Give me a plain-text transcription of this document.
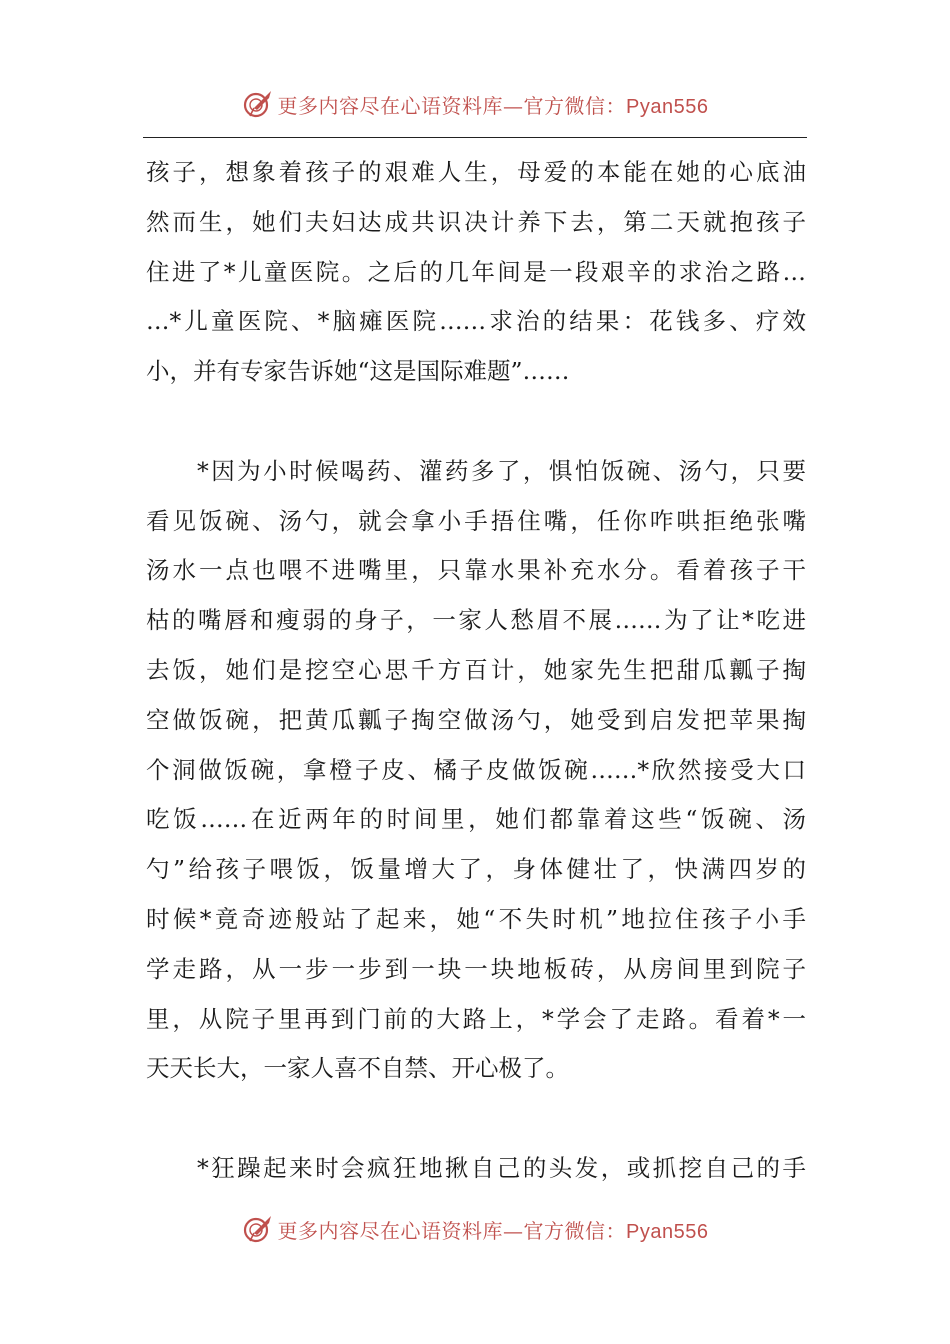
更多内容尽在心语资料库—官方微信：Pyan556
孩子，想象着孩子的艰难人生，母爱的本能在她的心底油
然而生，她们夫妇达成共识决计养下去，第二天就抱孩子
住进了*儿童医院。之后的几年间是一段艰辛的求治之路…
…*儿童医院、*脑瘫医院……求治的结果：花钱多、疗效
小，并有专家告诉她“这是国际难题”……
*因为小时候喝药、灌药多了，惧怕饭碗、汤勺，只要
看见饭碗、汤勺，就会拿小手捂住嘴，任你咋哄拒绝张嘴
汤水一点也喂不进嘴里，只靠水果补充水分。看着孩子干
枯的嘴唇和瘦弱的身子，一家人愁眉不展……为了让*吃进
去饭，她们是挖空心思千方百计，她家先生把甜瓜瓤子掏
空做饭碗，把黄瓜瓤子掏空做汤勺，她受到启发把苹果掏
个洞做饭碗，拿橙子皮、橘子皮做饭碗……*欣然接受大口
吃饭……在近两年的时间里，她们都靠着这些“饭碗、汤
勺”给孩子喂饭，饭量增大了，身体健壮了，快满四岁的
时候*竟奇迹般站了起来，她“不失时机”地拉住孩子小手
学走路，从一步一步到一块一块地板砖，从房间里到院子
里，从院子里再到门前的大路上，*学会了走路。看着*一
天天长大，一家人喜不自禁、开心极了。
*狂躁起来时会疯狂地揪自己的头发，或抓挖自己的手
更多内容尽在心语资料库—官方微信：Pyan556
